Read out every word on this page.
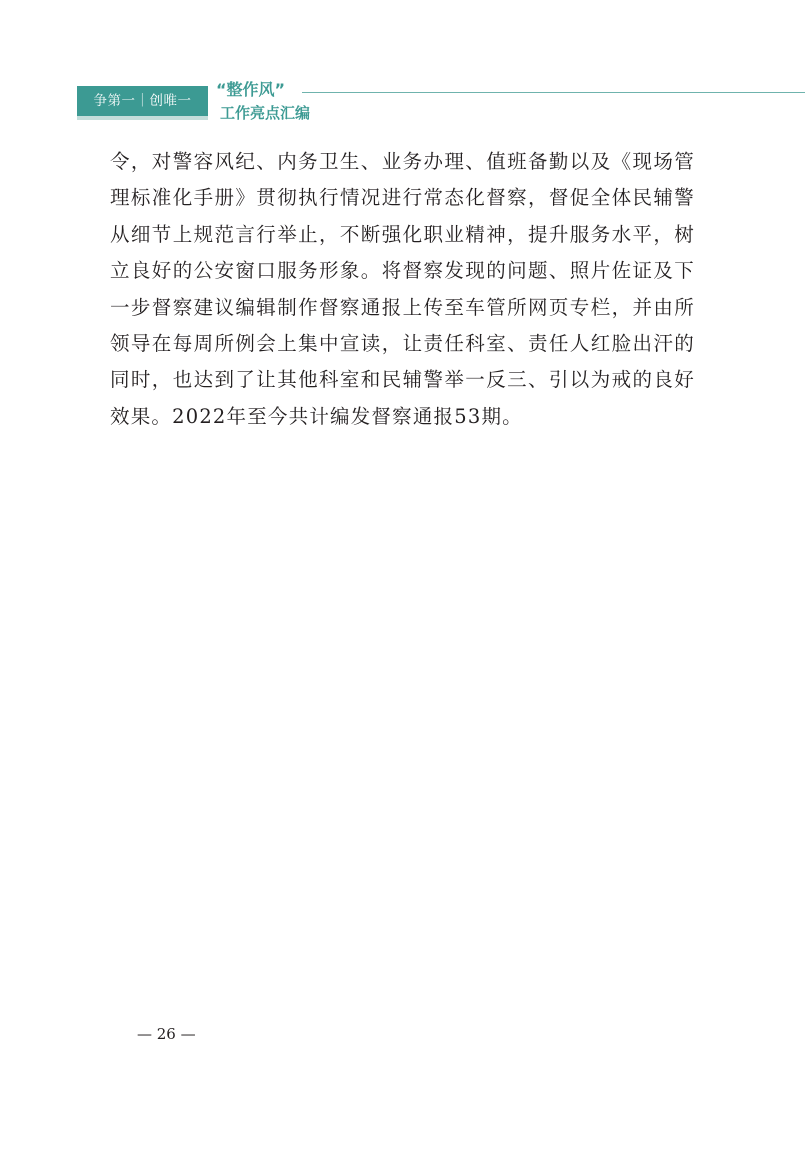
争第一｜创唯一
“整作风”
工作亮点汇编

令，对警容风纪、内务卫生、业务办理、值班备勤以及《现场管理标准化手册》贯彻执行情况进行常态化督察，督促全体民辅警从细节上规范言行举止，不断强化职业精神，提升服务水平，树立良好的公安窗口服务形象。将督察发现的问题、照片佐证及下一步督察建议编辑制作督察通报上传至车管所网页专栏，并由所领导在每周所例会上集中宣读，让责任科室、责任人红脸出汗的同时，也达到了让其他科室和民辅警举一反三、引以为戒的良好效果。2022年至今共计编发督察通报53期。

— 26 —
